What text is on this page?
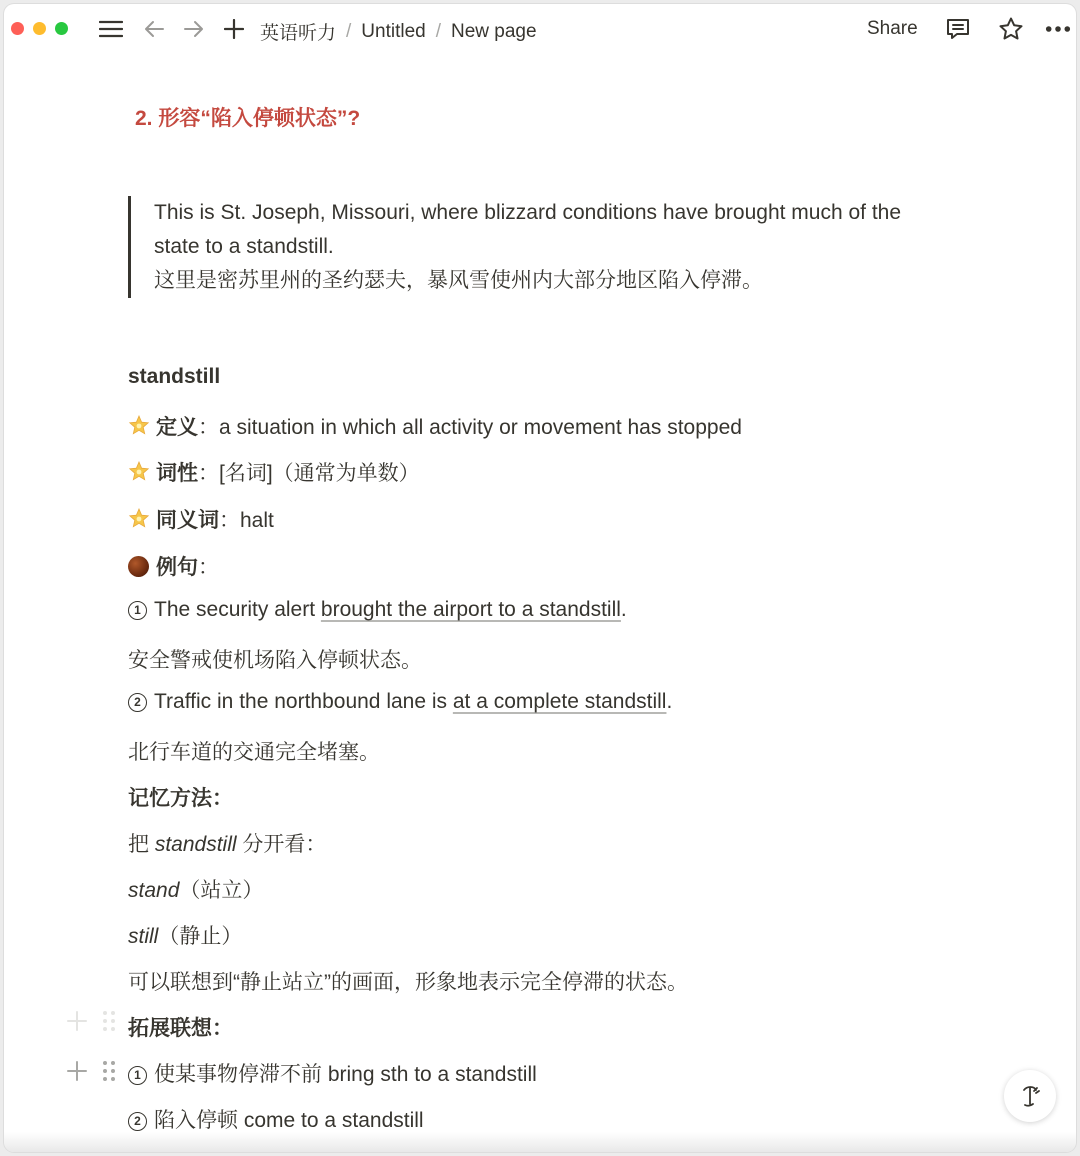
英语听力 / Untitled / New page	Share
2. 形容“陷入停顿状态”?
This is St. Joseph, Missouri, where blizzard conditions have brought much of the state to a standstill.
这里是密苏里州的圣约瑟夫，暴风雪使州内大部分地区陷入停滞。
standstill
定义：a situation in which all activity or movement has stopped
词性：[名词]（通常为单数）
同义词：halt
例句：
1 The security alert brought the airport to a standstill.
安全警戒使机场陷入停顿状态。
2 Traffic in the northbound lane is at a complete standstill.
北行车道的交通完全堵塞。
记忆方法：
把 standstill 分开看：
stand（站立）
still（静止）
可以联想到“静止站立”的画面，形象地表示完全停滞的状态。
拓展联想：
1 使某事物停滞不前 bring sth to a standstill
2 陷入停顿 come to a standstill
